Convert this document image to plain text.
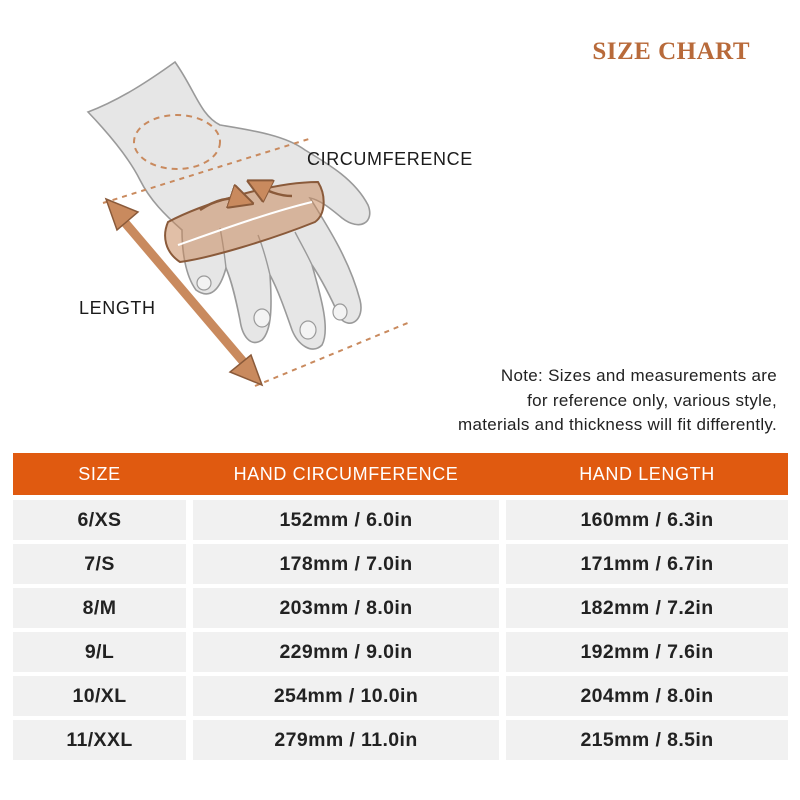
SIZE CHART
CIRCUMFERENCE
LENGTH
Note: Sizes and measurements are
for reference only, various style,
materials and thickness will fit differently.
SIZE	HAND CIRCUMFERENCE	HAND LENGTH
6/XS	152mm / 6.0in	160mm / 6.3in
7/S	178mm / 7.0in	171mm / 6.7in
8/M	203mm / 8.0in	182mm / 7.2in
9/L	229mm / 9.0in	192mm / 7.6in
10/XL	254mm / 10.0in	204mm / 8.0in
11/XXL	279mm / 11.0in	215mm / 8.5in
